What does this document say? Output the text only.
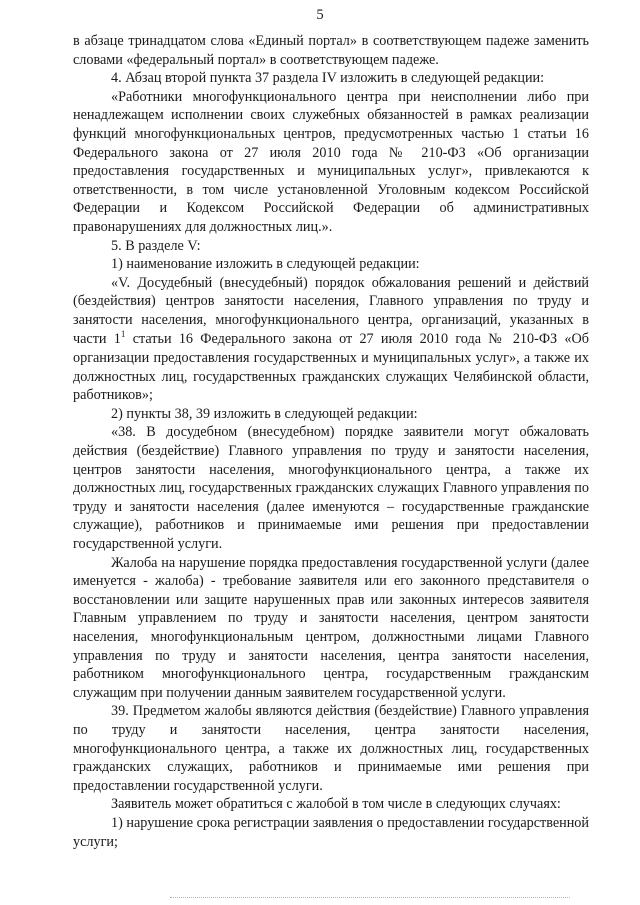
5

в абзаце тринадцатом слова «Единый портал» в соответствующем падеже заменить словами «федеральный портал» в соответствующем падеже.

4. Абзац второй пункта 37 раздела IV изложить в следующей редакции:

«Работники многофункционального центра при неисполнении либо при ненадлежащем исполнении своих служебных обязанностей в рамках реализации функций многофункциональных центров, предусмотренных частью 1 статьи 16 Федерального закона от 27 июля 2010 года № 210-ФЗ «Об организации предоставления государственных и муниципальных услуг», привлекаются к ответственности, в том числе установленной Уголовным кодексом Российской Федерации и Кодексом Российской Федерации об административных правонарушениях для должностных лиц.».

5. В разделе V:

1) наименование изложить в следующей редакции:

«V. Досудебный (внесудебный) порядок обжалования решений и действий (бездействия) центров занятости населения, Главного управления по труду и занятости населения, многофункционального центра, организаций, указанных в части $1^1$ статьи 16 Федерального закона от 27 июля 2010 года № 210-ФЗ «Об организации предоставления государственных и муниципальных услуг», а также их должностных лиц, государственных гражданских служащих Челябинской области, работников»;

2) пункты 38, 39 изложить в следующей редакции:

«38. В досудебном (внесудебном) порядке заявители могут обжаловать действия (бездействие) Главного управления по труду и занятости населения, центров занятости населения, многофункционального центра, а также их должностных лиц, государственных гражданских служащих Главного управления по труду и занятости населения (далее именуются – государственные гражданские служащие), работников и принимаемые ими решения при предоставлении государственной услуги.

Жалоба на нарушение порядка предоставления государственной услуги (далее именуется - жалоба) - требование заявителя или его законного представителя о восстановлении или защите нарушенных прав или законных интересов заявителя Главным управлением по труду и занятости населения, центром занятости населения, многофункциональным центром, должностными лицами Главного управления по труду и занятости населения, центра занятости населения, работником многофункционального центра, государственным гражданским служащим при получении данным заявителем государственной услуги.

39. Предметом жалобы являются действия (бездействие) Главного управления по труду и занятости населения, центра занятости населения, многофункционального центра, а также их должностных лиц, государственных гражданских служащих, работников и принимаемые ими решения при предоставлении государственной услуги.

Заявитель может обратиться с жалобой в том числе в следующих случаях:

1) нарушение срока регистрации заявления о предоставлении государственной услуги;
